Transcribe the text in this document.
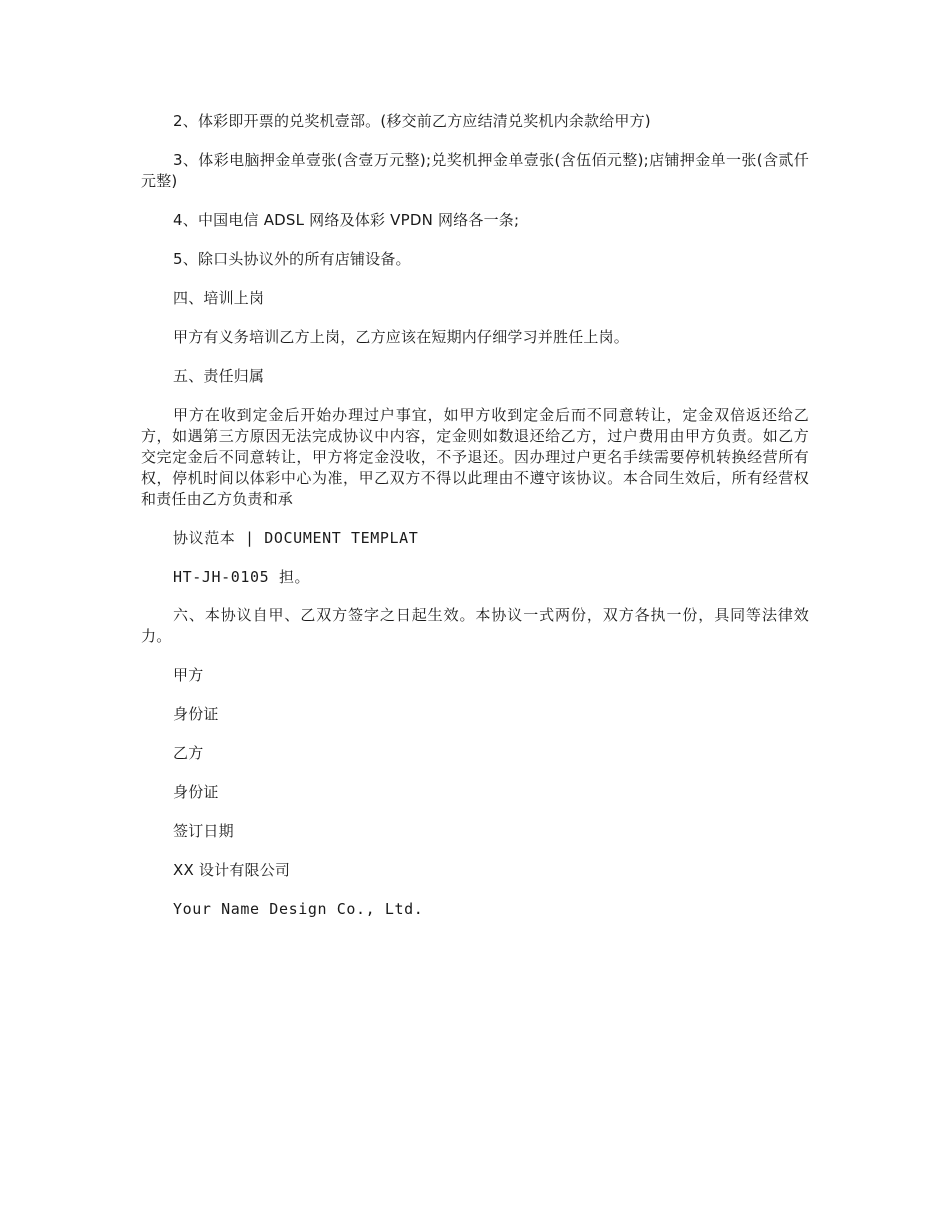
2、体彩即开票的兑奖机壹部。(移交前乙方应结清兑奖机内余款给甲方)

3、体彩电脑押金单壹张(含壹万元整);兑奖机押金单壹张(含伍佰元整);店铺押金单一张(含贰仟元整)

4、中国电信 ADSL 网络及体彩 VPDN 网络各一条;

5、除口头协议外的所有店铺设备。

四、培训上岗

甲方有义务培训乙方上岗，乙方应该在短期内仔细学习并胜任上岗。

五、责任归属

甲方在收到定金后开始办理过户事宜，如甲方收到定金后而不同意转让，定金双倍返还给乙方，如遇第三方原因无法完成协议中内容，定金则如数退还给乙方，过户费用由甲方负责。如乙方交完定金后不同意转让，甲方将定金没收，不予退还。因办理过户更名手续需要停机转换经营所有权，停机时间以体彩中心为准，甲乙双方不得以此理由不遵守该协议。本合同生效后，所有经营权和责任由乙方负责和承

协议范本 | DOCUMENT TEMPLAT

HT-JH-0105 担。

六、本协议自甲、乙双方签字之日起生效。本协议一式两份，双方各执一份，具同等法律效力。

甲方

身份证

乙方

身份证

签订日期

XX 设计有限公司

Your Name Design Co., Ltd.
